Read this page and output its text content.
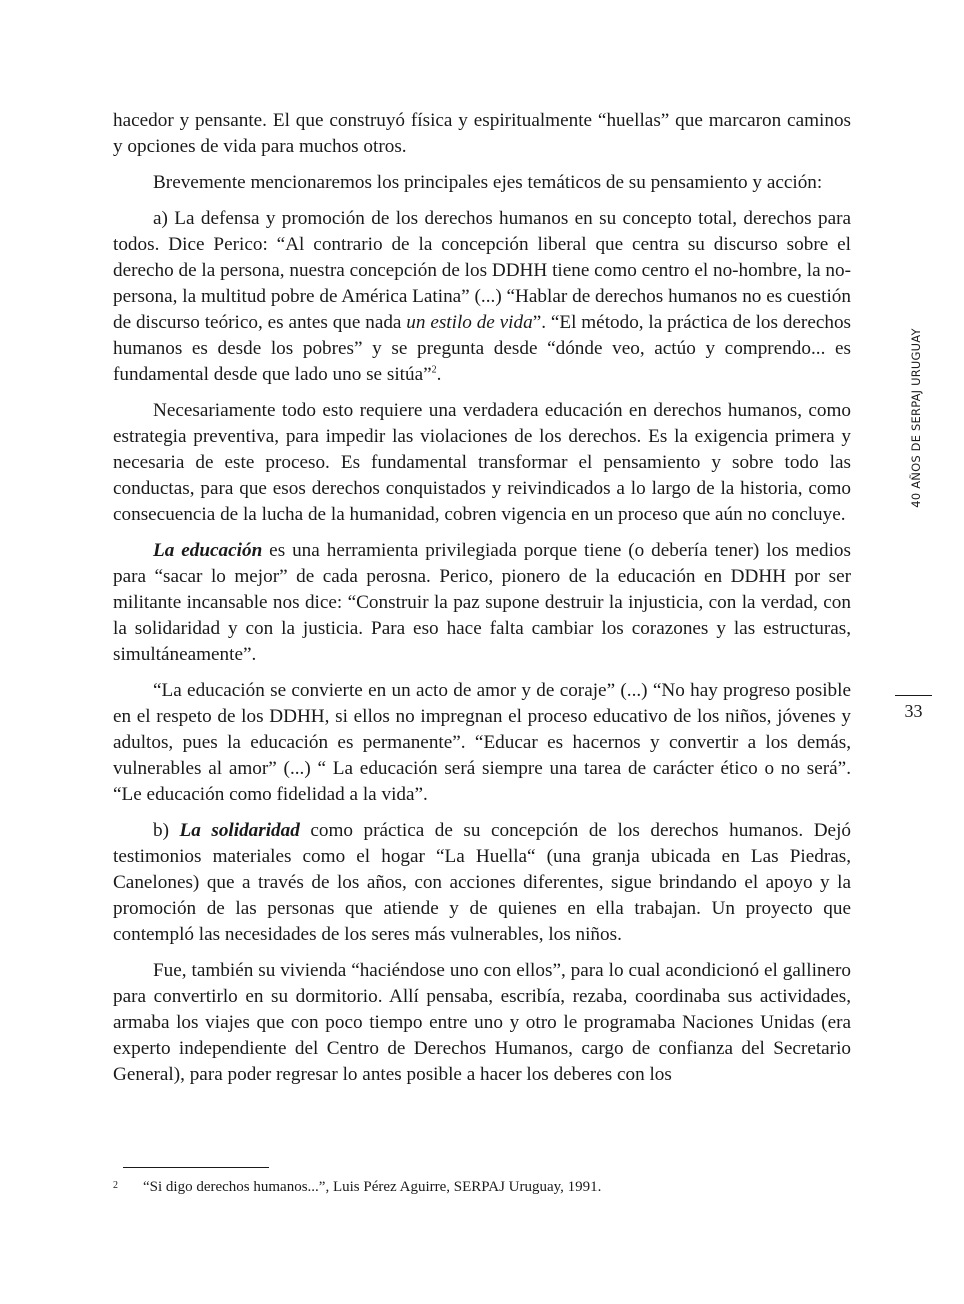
hacedor y pensante. El que construyó física y espiritualmente “huellas” que marcaron caminos y opciones de vida para muchos otros.

Brevemente mencionaremos los principales ejes temáticos de su pensamiento y acción:

a) La defensa y promoción de los derechos humanos en su concepto total, derechos para todos. Dice Perico: “Al contrario de la concepción liberal que centra su discurso sobre el derecho de la persona, nuestra concepción de los DDHH tiene como centro el no-hombre, la no-persona, la multitud pobre de América Latina” (...) “Hablar de derechos humanos no es cuestión de discurso teórico, es antes que nada un estilo de vida”. “El método, la práctica de los derechos humanos es desde los pobres” y se pregunta desde “dónde veo, actúo y comprendo... es fundamental desde que lado uno se sitúa”$^2$.

Necesariamente todo esto requiere una verdadera educación en derechos humanos, como estrategia preventiva, para impedir las violaciones de los derechos. Es la exigencia primera y necesaria de este proceso. Es fundamental transformar el pensamiento y sobre todo las conductas, para que esos derechos conquistados y reivindicados a lo largo de la historia, como consecuencia de la lucha de la humanidad, cobren vigencia en un proceso que aún no concluye.

La educación es una herramienta privilegiada porque tiene (o debería tener) los medios para “sacar lo mejor” de cada perosna. Perico, pionero de la educación en DDHH por ser militante incansable nos dice: “Construir la paz supone destruir la injusticia, con la verdad, con la solidaridad y con la justicia. Para eso hace falta cambiar los corazones y las estructuras, simultáneamente”.

“La educación se convierte en un acto de amor y de coraje” (...) “No hay progreso posible en el respeto de los DDHH, si ellos no impregnan el proceso educativo de los niños, jóvenes y adultos, pues la educación es permanente”. “Educar es hacernos y convertir a los demás, vulnerables al amor” (...) “ La educación será siempre una tarea de carácter ético o no será”. “Le educación como fidelidad a la vida”.

b) La solidaridad como práctica de su concepción de los derechos humanos. Dejó testimonios materiales como el hogar “La Huella“ (una granja ubicada en Las Piedras, Canelones) que a través de los años, con acciones diferentes, sigue brindando el apoyo y la promoción de las personas que atiende y de quienes en ella trabajan. Un proyecto que contempló las necesidades de los seres más vulnerables, los niños.

Fue, también su vivienda “haciéndose uno con ellos”, para lo cual acondicionó el gallinero para convertirlo en su dormitorio. Allí pensaba, escribía, rezaba, coordinaba sus actividades, armaba los viajes que con poco tiempo entre uno y otro le programaba Naciones Unidas (era experto independiente del Centro de Derechos Humanos, cargo de confianza del Secretario General), para poder regresar lo antes posible a hacer los deberes con los

40 AÑOS DE SERPAJ URUGUAY
33
2 “Si digo derechos humanos...”, Luis Pérez Aguirre, SERPAJ Uruguay, 1991.
